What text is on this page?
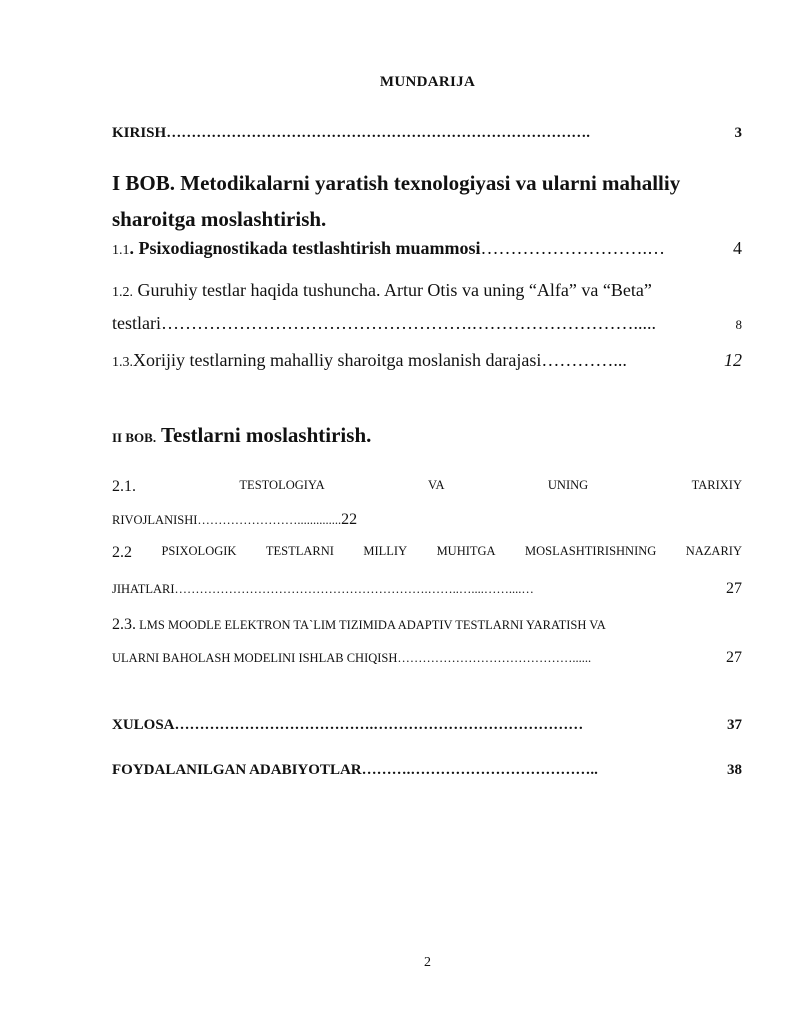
MUNDARIJA
KIRISH ………………………………………………………………………….	3
I BOB. Metodikalarni yaratish texnologiyasi va ularni mahalliy sharoitga moslashtirish.
1.1 . Psixodiagnostikada testlashtirish muammosi ……………………….…	4
1.2. Guruhiy testlar haqida tushuncha. Artur Otis va uning “Alfa” va “Beta”
testlari …………………………………………….……………………….....	8
1.3. Xorijiy testlarning mahalliy sharoitga moslanish darajasi …………...	12
II BOB. Testlarni moslashtirish.
2.1.	TESTOLOGIYA	VA	UNING	TARIXIY
RIVOJLANISHI……………………..............22
2.2 PSIXOLOGIK TESTLARNI MILLIY MUHITGA MOSLASHTIRISHNING NAZARIY
JIHATLARI …………………………………………………….……..…....……....…	27
2.3. LMS MOODLE ELEKTRON TA`LIM TIZIMIDA ADAPTIV TESTLARNI YARATISH VA
ULARNI BAHOLASH MODELINI ISHLAB CHIQISH ……………………………………......	27
XULOSA ………………………………….……………………………………	37
FOYDALANILGAN ADABIYOTLAR ……….………………………………..	38
2
